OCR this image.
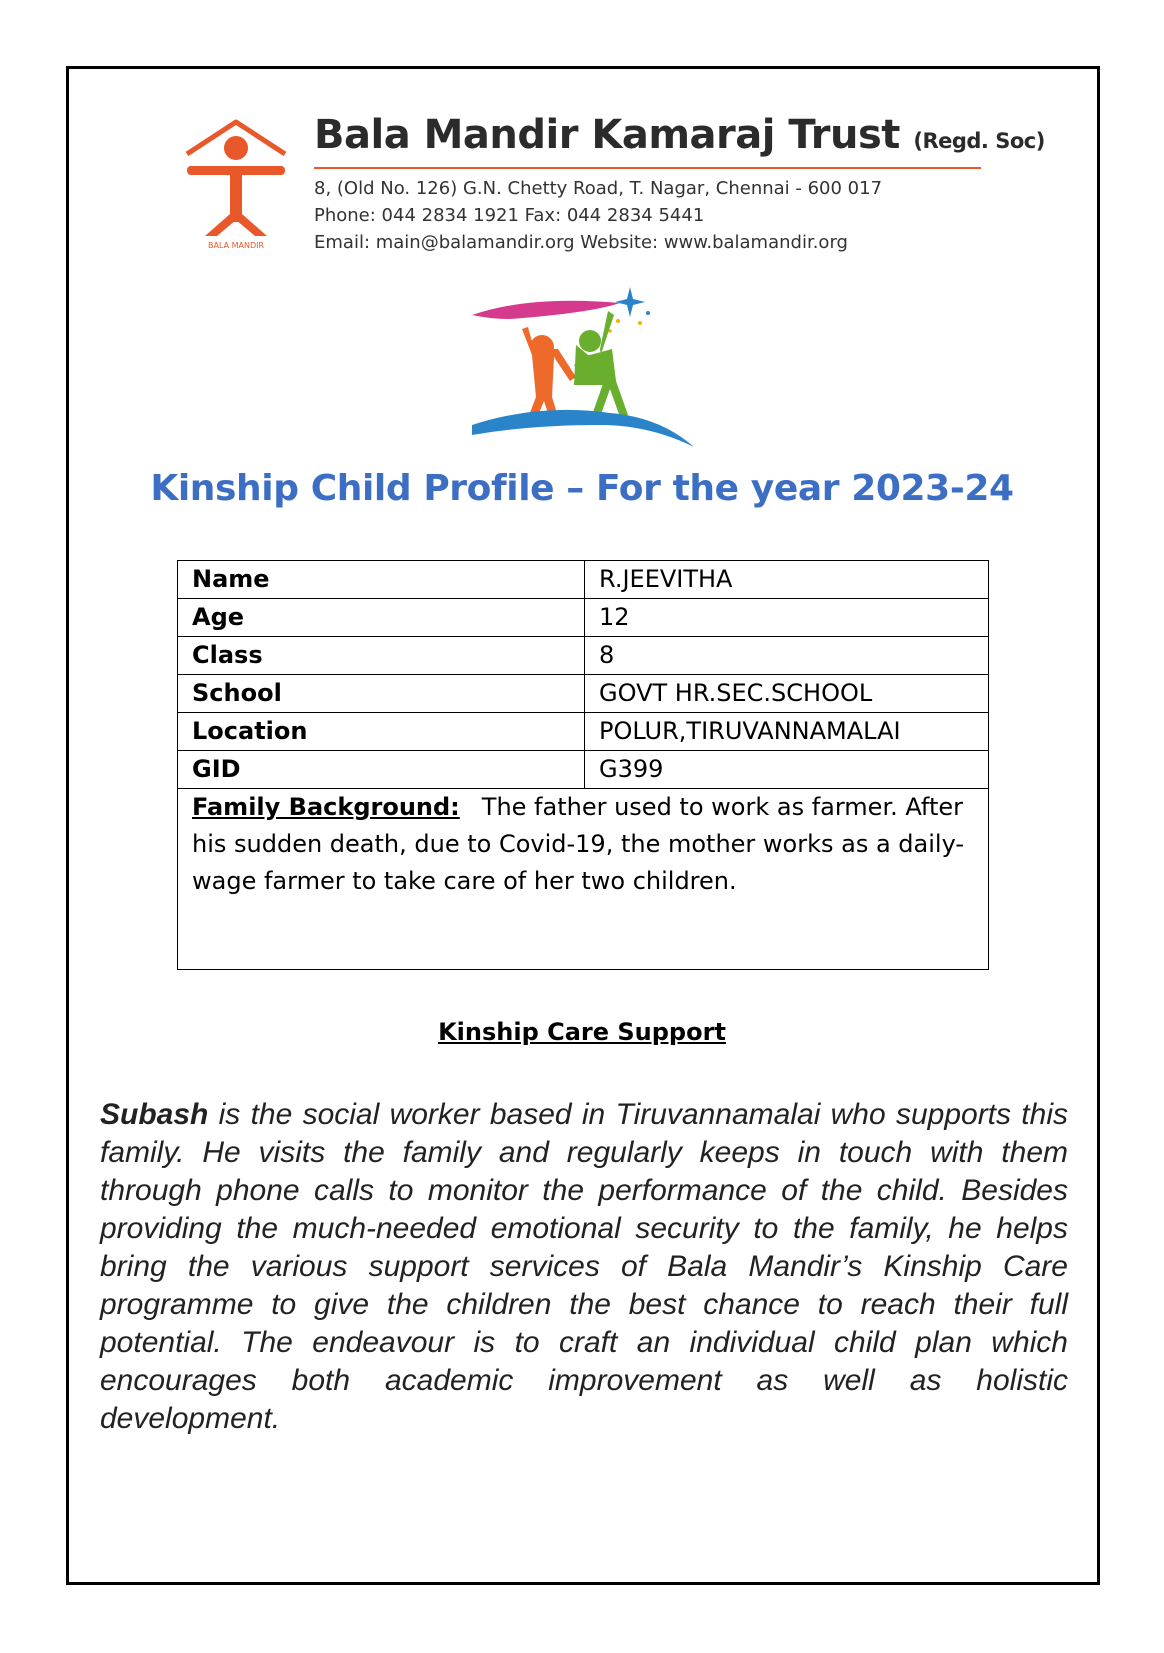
BALA MANDIR
Bala Mandir Kamaraj Trust (Regd. Soc)

8, (Old No. 126) G.N. Chetty Road, T. Nagar, Chennai - 600 017

Phone: 044 2834 1921 Fax: 044 2834 5441

Email: main@balamandir.org Website: www.balamandir.org

Kinship Child Profile – For the year 2023-24
Name	R.JEEVITHA
Age	12
Class	8
School	GOVT HR.SEC.SCHOOL
Location	POLUR,TIRUVANNAMALAI
GID	G399
Family Background: The father used to work as farmer. After his sudden death, due to Covid-19, the mother works as a daily-wage farmer to take care of her two children.	
Kinship Care Support

Subash is the social worker based in Tiruvannamalai who supports this family. He visits the family and regularly keeps in touch with them through phone calls to monitor the performance of the child. Besides providing the much-needed emotional security to the family, he helps bring the various support services of Bala Mandir’s Kinship Care programme to give the children the best chance to reach their full potential. The endeavour is to craft an individual child plan which encourages both academic improvement as well as holistic development.
